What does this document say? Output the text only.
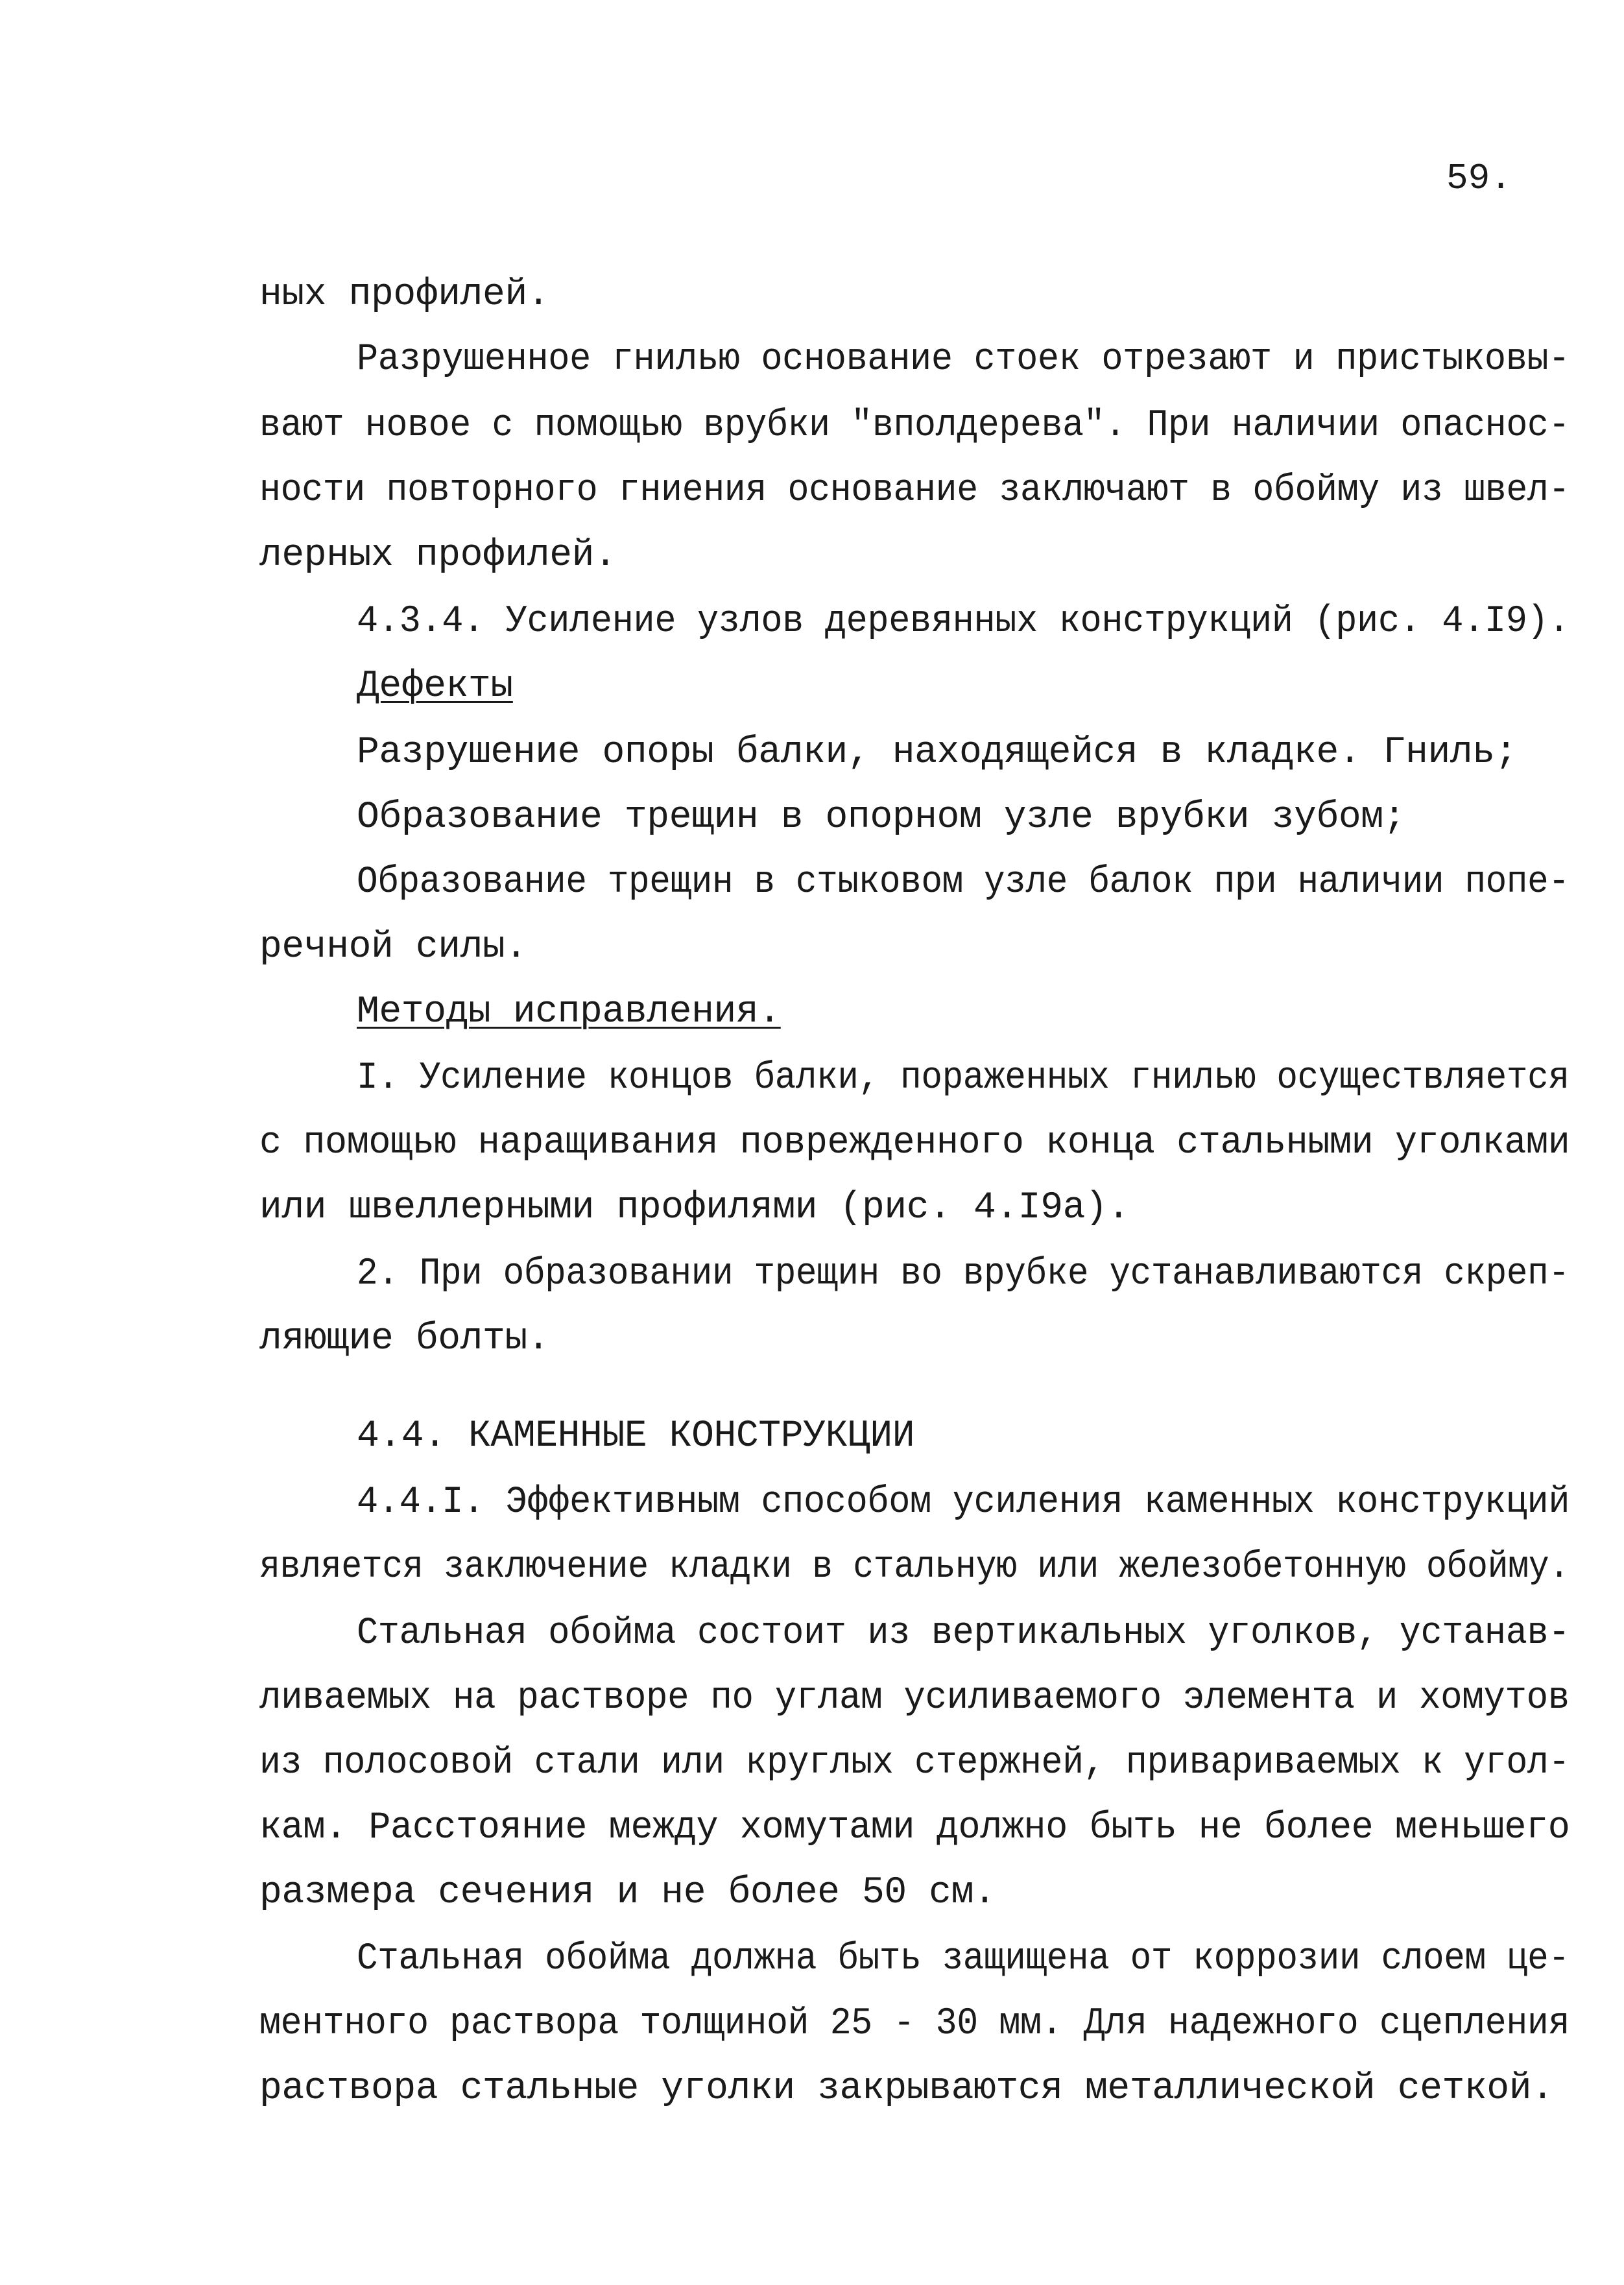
59.
ных профилей.
Разрушенное гнилью основание стоек отрезают и пристыковы-
вают новое с помощью врубки "вполдерева". При наличии опаснос-
ности повторного гниения основание заключают в обойму из швел-
лерных профилей.
4.3.4. Усиление узлов деревянных конструкций (рис. 4.I9).
Дефекты
Разрушение опоры балки, находящейся в кладке. Гниль;
Образование трещин в опорном узле врубки зубом;
Образование трещин в стыковом узле балок при наличии попе-
речной силы.
Методы исправления.
I. Усиление концов балки, пораженных гнилью осуществляется
с помощью наращивания поврежденного конца стальными уголками
или швеллерными профилями (рис. 4.I9а).
2. При образовании трещин во врубке устанавливаются скреп-
ляющие болты.
4.4. КАМЕННЫЕ КОНСТРУКЦИИ
4.4.I. Эффективным способом усиления каменных конструкций
является заключение кладки в стальную или железобетонную обойму.
Стальная обойма состоит из вертикальных уголков, устанав-
ливаемых на растворе по углам усиливаемого элемента и хомутов
из полосовой стали или круглых стержней, привариваемых к угол-
кам. Расстояние между хомутами должно быть не более меньшего
размера сечения и не более 50 см.
Стальная обойма должна быть защищена от коррозии слоем це-
ментного раствора толщиной 25 - 30 мм. Для надежного сцепления
раствора стальные уголки закрываются металлической сеткой.
